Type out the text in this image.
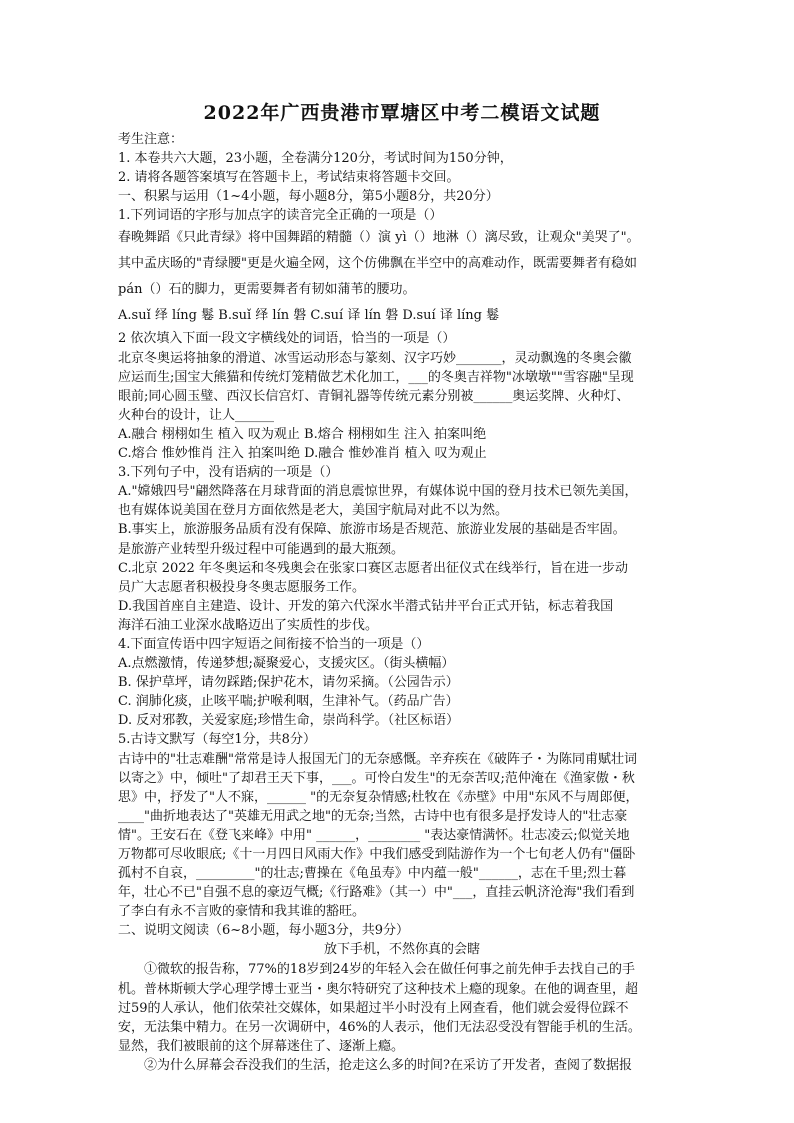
2022年广西贵港市覃塘区中考二模语文试题

考生注意：

1. 本卷共六大题，23小题，全卷满分120分，考试时间为150分钟，

2. 请将各题答案填写在答题卡上，考试结束将答题卡交回。

一、积累与运用（1~4小题，每小题8分，第5小题8分，共20分）

1.下列词语的字形与加点字的读音完全正确的一项是（）

春晚舞蹈《只此青绿》将中国舞蹈的精髓（）演 yì（）地淋（）漓尽致，让观众"美哭了"。

其中孟庆旸的"青绿腰"更是火遍全网，这个仿佛飘在半空中的高难动作，既需要舞者有稳如

pán（）石的脚力，更需要舞者有韧如蒲苇的腰功。

A.suǐ 绎 líng 鬈 B.suǐ 绎 lín 磐 C.suí 译 lín 磐 D.suí 译 líng 鬈

2 依次填入下面一段文字横线处的词语，恰当的一项是（）

北京冬奥运将抽象的滑道、冰雪运动形态与篆刻、汉字巧妙_______，灵动飘逸的冬奥会徽

应运而生;国宝大熊猫和传统灯笼精做艺术化加工，___的冬奥吉祥物"冰墩墩""雪容融"呈现

眼前;同心圆玉璧、西汉长信宫灯、青铜礼器等传统元素分别被______奥运奖牌、火种灯、

火种台的设计，让人______

A.融合 栩栩如生 植入 叹为观止 B.熔合 栩栩如生 注入 拍案叫绝

C.熔合 惟妙惟肖 注入 拍案叫绝 D.融合 惟妙准肖 植入 叹为观止

3.下列句子中，没有语病的一项是（）

A."嫦娥四号"翩然降落在月球背面的消息震惊世界，有媒体说中国的登月技术已领先美国，

也有媒体说美国在登月方面依然是老大，美国宇航局对此不以为然。

B.事实上，旅游服务品质有没有保障、旅游市场是否规范、旅游业发展的基础是否牢固。

是旅游产业转型升级过程中可能遇到的最大瓶颈。

C.北京 2022 年冬奥运和冬残奥会在张家口赛区志愿者出征仪式在线举行，旨在进一步动

员广大志愿者积极投身冬奥志愿服务工作。

D.我国首座自主建造、设计、开发的第六代深水半潜式钻井平台正式开钻，标志着我国

海洋石油工业深水战略迈出了实质性的步伐。

4.下面宣传语中四字短语之间衔接不恰当的一项是（）

A.点燃激情，传递梦想;凝聚爱心，支援灾区。（街头横幅）

B. 保护草坪，请勿踩踏;保护花木，请勿采摘。（公园告示）

C. 润肺化痰，止咳平喘;护喉利咽，生津补气。（药品广告）

D. 反对邪教，关爱家庭;珍惜生命，崇尚科学。（社区标语）

5.古诗文默写（每空1分，共8分）

古诗中的"壮志难酬"常常是诗人报国无门的无奈感慨。辛弃疾在《破阵子・为陈同甫赋壮词

以寄之》中，倾吐"了却君王天下事，___。可怜白发生"的无奈苦叹;范仲淹在《渔家傲・秋

思》中，抒发了"人不寐，______ "的无奈复杂情感;杜牧在《赤壁》中用"东风不与周郎便，

____"曲折地表达了"英雄无用武之地"的无奈;当然，古诗中也有很多是抒发诗人的"壮志豪

情"。王安石在《登飞来峰》中用" ______，________ "表达豪情满怀。壮志凌云;似觉关地

万物都可尽收眼底;《十一月四日风雨大作》中我们感受到陆游作为一个七旬老人仍有"僵卧

孤村不自哀，_________"的壮志;曹操在《龟虽寿》中内蕴一般"______，志在千里;烈士暮

年，壮心不已"自强不息的豪迈气概;《行路难》（其一）中"___，直挂云帆济沧海"我们看到

了李白有永不言败的豪情和我其谁的豁旺。

二、说明文阅读（6~8小题，每小题3分，共9分）

放下手机，不然你真的会瞎

①微软的报告称，77%的18岁到24岁的年轻入会在做任何事之前先伸手去找自己的手

机。普林斯顿大学心理学博士亚当・奥尔特研究了这种技术上瘾的现象。在他的调查里，超

过59的人承认，他们依荣社交媒体，如果超过半小时没有上网查看，他们就会爱得位踩不

安，无法集中精力。在另一次调研中，46%的人表示，他们无法忍受没有智能手机的生活。

显然，我们被眼前的这个屏幕迷住了、逐渐上瘾。

②为什么屏幕会吞没我们的生活，抢走这么多的时间?在采访了开发者，查阅了数据报
